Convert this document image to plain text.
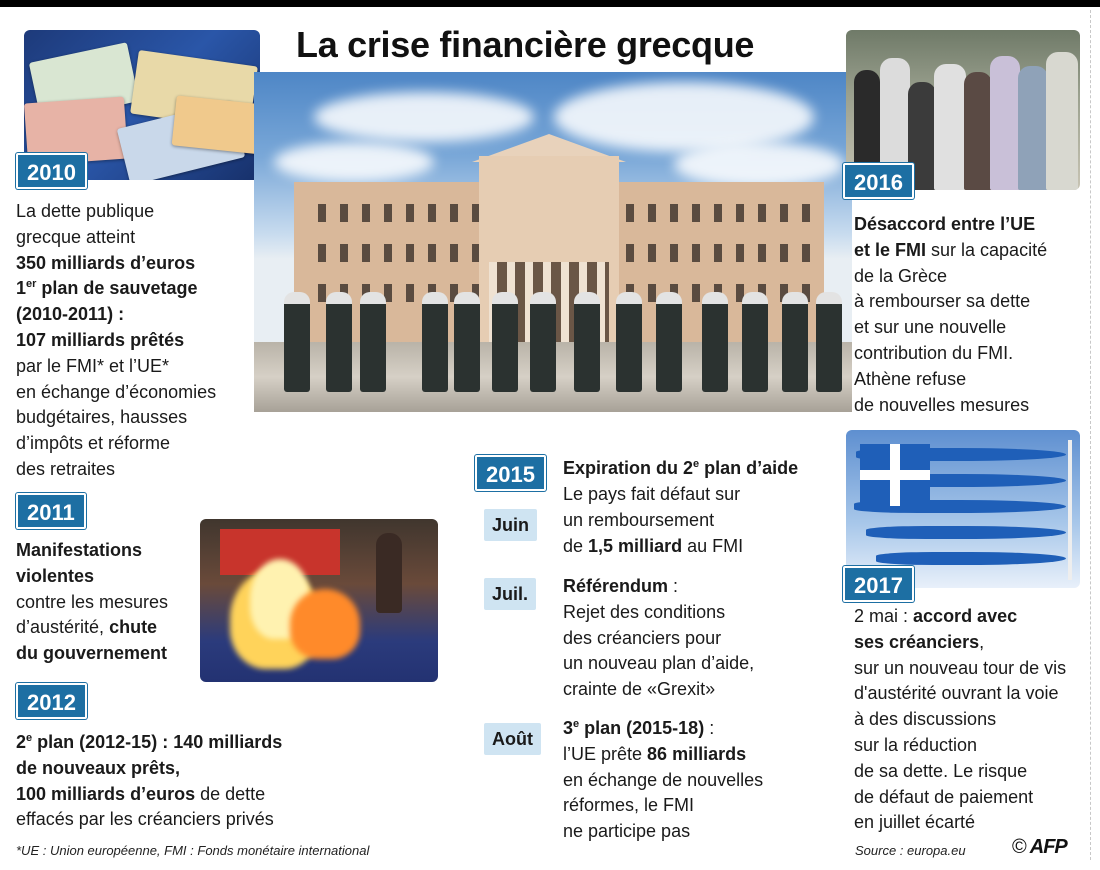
La crise financière grecque
2010
La dette publique
grecque atteint
350 milliards d’euros
1er plan de sauvetage
(2010-2011) :
107 milliards prêtés
par le FMI* et l’UE*
en échange d’économies
budgétaires, hausses
d’impôts et réforme
des retraites
2011
Manifestations
violentes
contre les mesures
d’austérité, chute
du gouvernement
2012
2e plan (2012-15) : 140 milliards
de nouveaux prêts,
100 milliards d’euros de dette
effacés par les créanciers privés
2015	Expiration du 2e plan d’aide
Juin
Le pays fait défaut sur
un remboursement
de 1,5 milliard au FMI
Juil.	Référendum :
Rejet des conditions
des créanciers pour
un nouveau plan d’aide,
crainte de «Grexit»
Août
3e plan (2015-18) :
l’UE prête 86 milliards
en échange de nouvelles
réformes, le FMI
ne participe pas
2016
Désaccord entre l’UE
et le FMI sur la capacité
de la Grèce
à rembourser sa dette
et sur une nouvelle
contribution du FMI.
Athène refuse
de nouvelles mesures
2017
2 mai : accord avec
ses créanciers,
sur un nouveau tour de vis
d'austérité ouvrant la voie
à des discussions
sur la réduction
de sa dette. Le risque
de défaut de paiement
en juillet écarté
*UE : Union européenne, FMI : Fonds monétaire international	Source : europa.eu © AFP
